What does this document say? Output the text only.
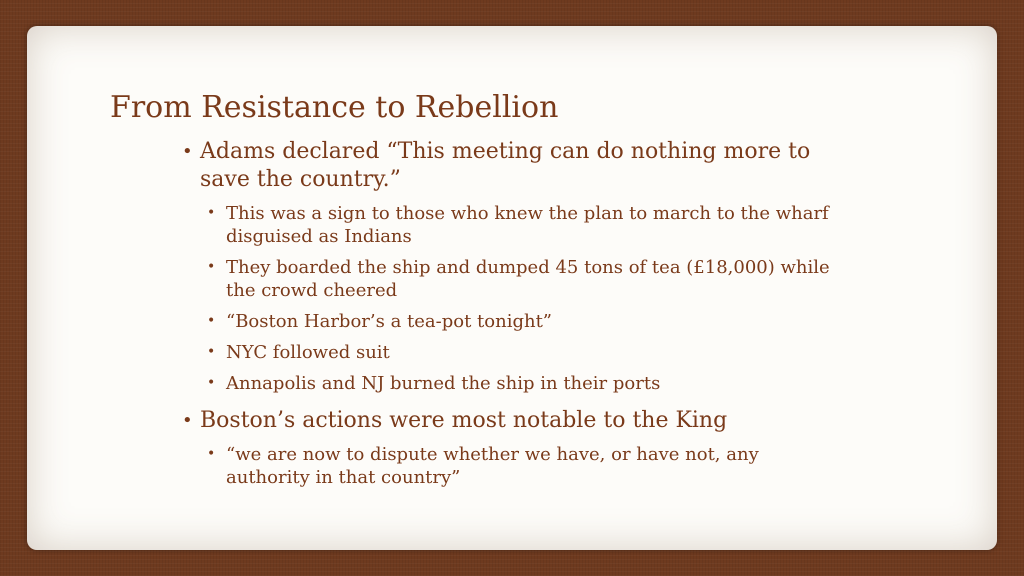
From Resistance to Rebellion
• Adams declared “This meeting can do nothing more to save the country.”
• This was a sign to those who knew the plan to march to the wharf disguised as Indians
• They boarded the ship and dumped 45 tons of tea (£18,000) while the crowd cheered
• “Boston Harbor’s a tea-pot tonight”
• NYC followed suit
• Annapolis and NJ burned the ship in their ports
• Boston’s actions were most notable to the King
• “we are now to dispute whether we have, or have not, any authority in that country”
